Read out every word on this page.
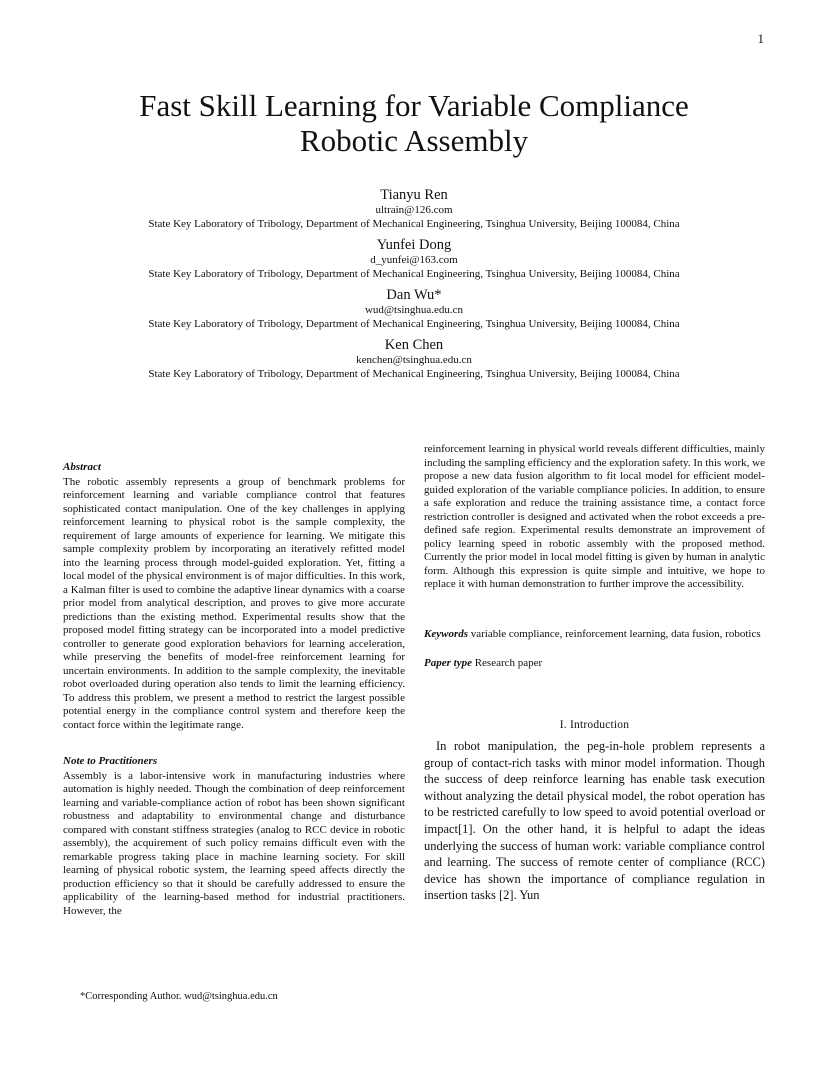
1
Fast Skill Learning for Variable Compliance
Robotic Assembly
Tianyu Ren
ultrain@126.com
State Key Laboratory of Tribology, Department of Mechanical Engineering, Tsinghua University, Beijing 100084, China
Yunfei Dong
d_yunfei@163.com
State Key Laboratory of Tribology, Department of Mechanical Engineering, Tsinghua University, Beijing 100084, China
Dan Wu*
wud@tsinghua.edu.cn
State Key Laboratory of Tribology, Department of Mechanical Engineering, Tsinghua University, Beijing 100084, China
Ken Chen
kenchen@tsinghua.edu.cn
State Key Laboratory of Tribology, Department of Mechanical Engineering, Tsinghua University, Beijing 100084, China
Abstract

The robotic assembly represents a group of benchmark problems for reinforcement learning and variable compliance control that features sophisticated contact manipulation. One of the key challenges in applying reinforcement learning to physical robot is the sample complexity, the requirement of large amounts of experience for learning. We mitigate this sample complexity problem by incorporating an iteratively refitted model into the learning process through model-guided exploration. Yet, fitting a local model of the physical environment is of major difficulties. In this work, a Kalman filter is used to combine the adaptive linear dynamics with a coarse prior model from analytical description, and proves to give more accurate predictions than the existing method. Experimental results show that the proposed model fitting strategy can be incorporated into a model predictive controller to generate good exploration behaviors for learning acceleration, while preserving the benefits of model-free reinforcement learning for uncertain environments. In addition to the sample complexity, the inevitable robot overloaded during operation also tends to limit the learning efficiency. To address this problem, we present a method to restrict the largest possible potential energy in the compliance control system and therefore keep the contact force within the legitimate range.

Note to Practitioners

Assembly is a labor-intensive work in manufacturing industries where automation is highly needed. Though the combination of deep reinforcement learning and variable-compliance action of robot has been shown significant robustness and adaptability to environmental change and disturbance compared with constant stiffness strategies (analog to RCC device in robotic assembly), the acquirement of such policy remains difficult even with the remarkable progress taking place in machine learning society. For skill learning of physical robotic system, the learning speed affects directly the production efficiency so that it should be carefully addressed to ensure the applicability of the learning-based method for industrial practitioners. However, the

reinforcement learning in physical world reveals different difficulties, mainly including the sampling efficiency and the exploration safety. In this work, we propose a new data fusion algorithm to fit local model for efficient model-guided exploration of the variable compliance policies. In addition, to ensure a safe exploration and reduce the training assistance time, a contact force restriction controller is designed and activated when the robot exceeds a pre-defined safe region. Experimental results demonstrate an improvement of policy learning speed in robotic assembly with the proposed method. Currently the prior model in local model fitting is given by human in analytic form. Although this expression is quite simple and intuitive, we hope to replace it with human demonstration to further improve the accessibility.

Keywords variable compliance, reinforcement learning, data fusion, robotics

Paper type Research paper

I. Introduction

In robot manipulation, the peg-in-hole problem represents a group of contact-rich tasks with minor model information. Though the success of deep reinforce learning has enable task execution without analyzing the detail physical model, the robot operation has to be restricted carefully to low speed to avoid potential overload or impact[1]. On the other hand, it is helpful to adapt the ideas underlying the success of human work: variable compliance control and learning. The success of remote center of compliance (RCC) device has shown the importance of compliance regulation in insertion tasks [2]. Yun

*Corresponding Author. wud@tsinghua.edu.cn
